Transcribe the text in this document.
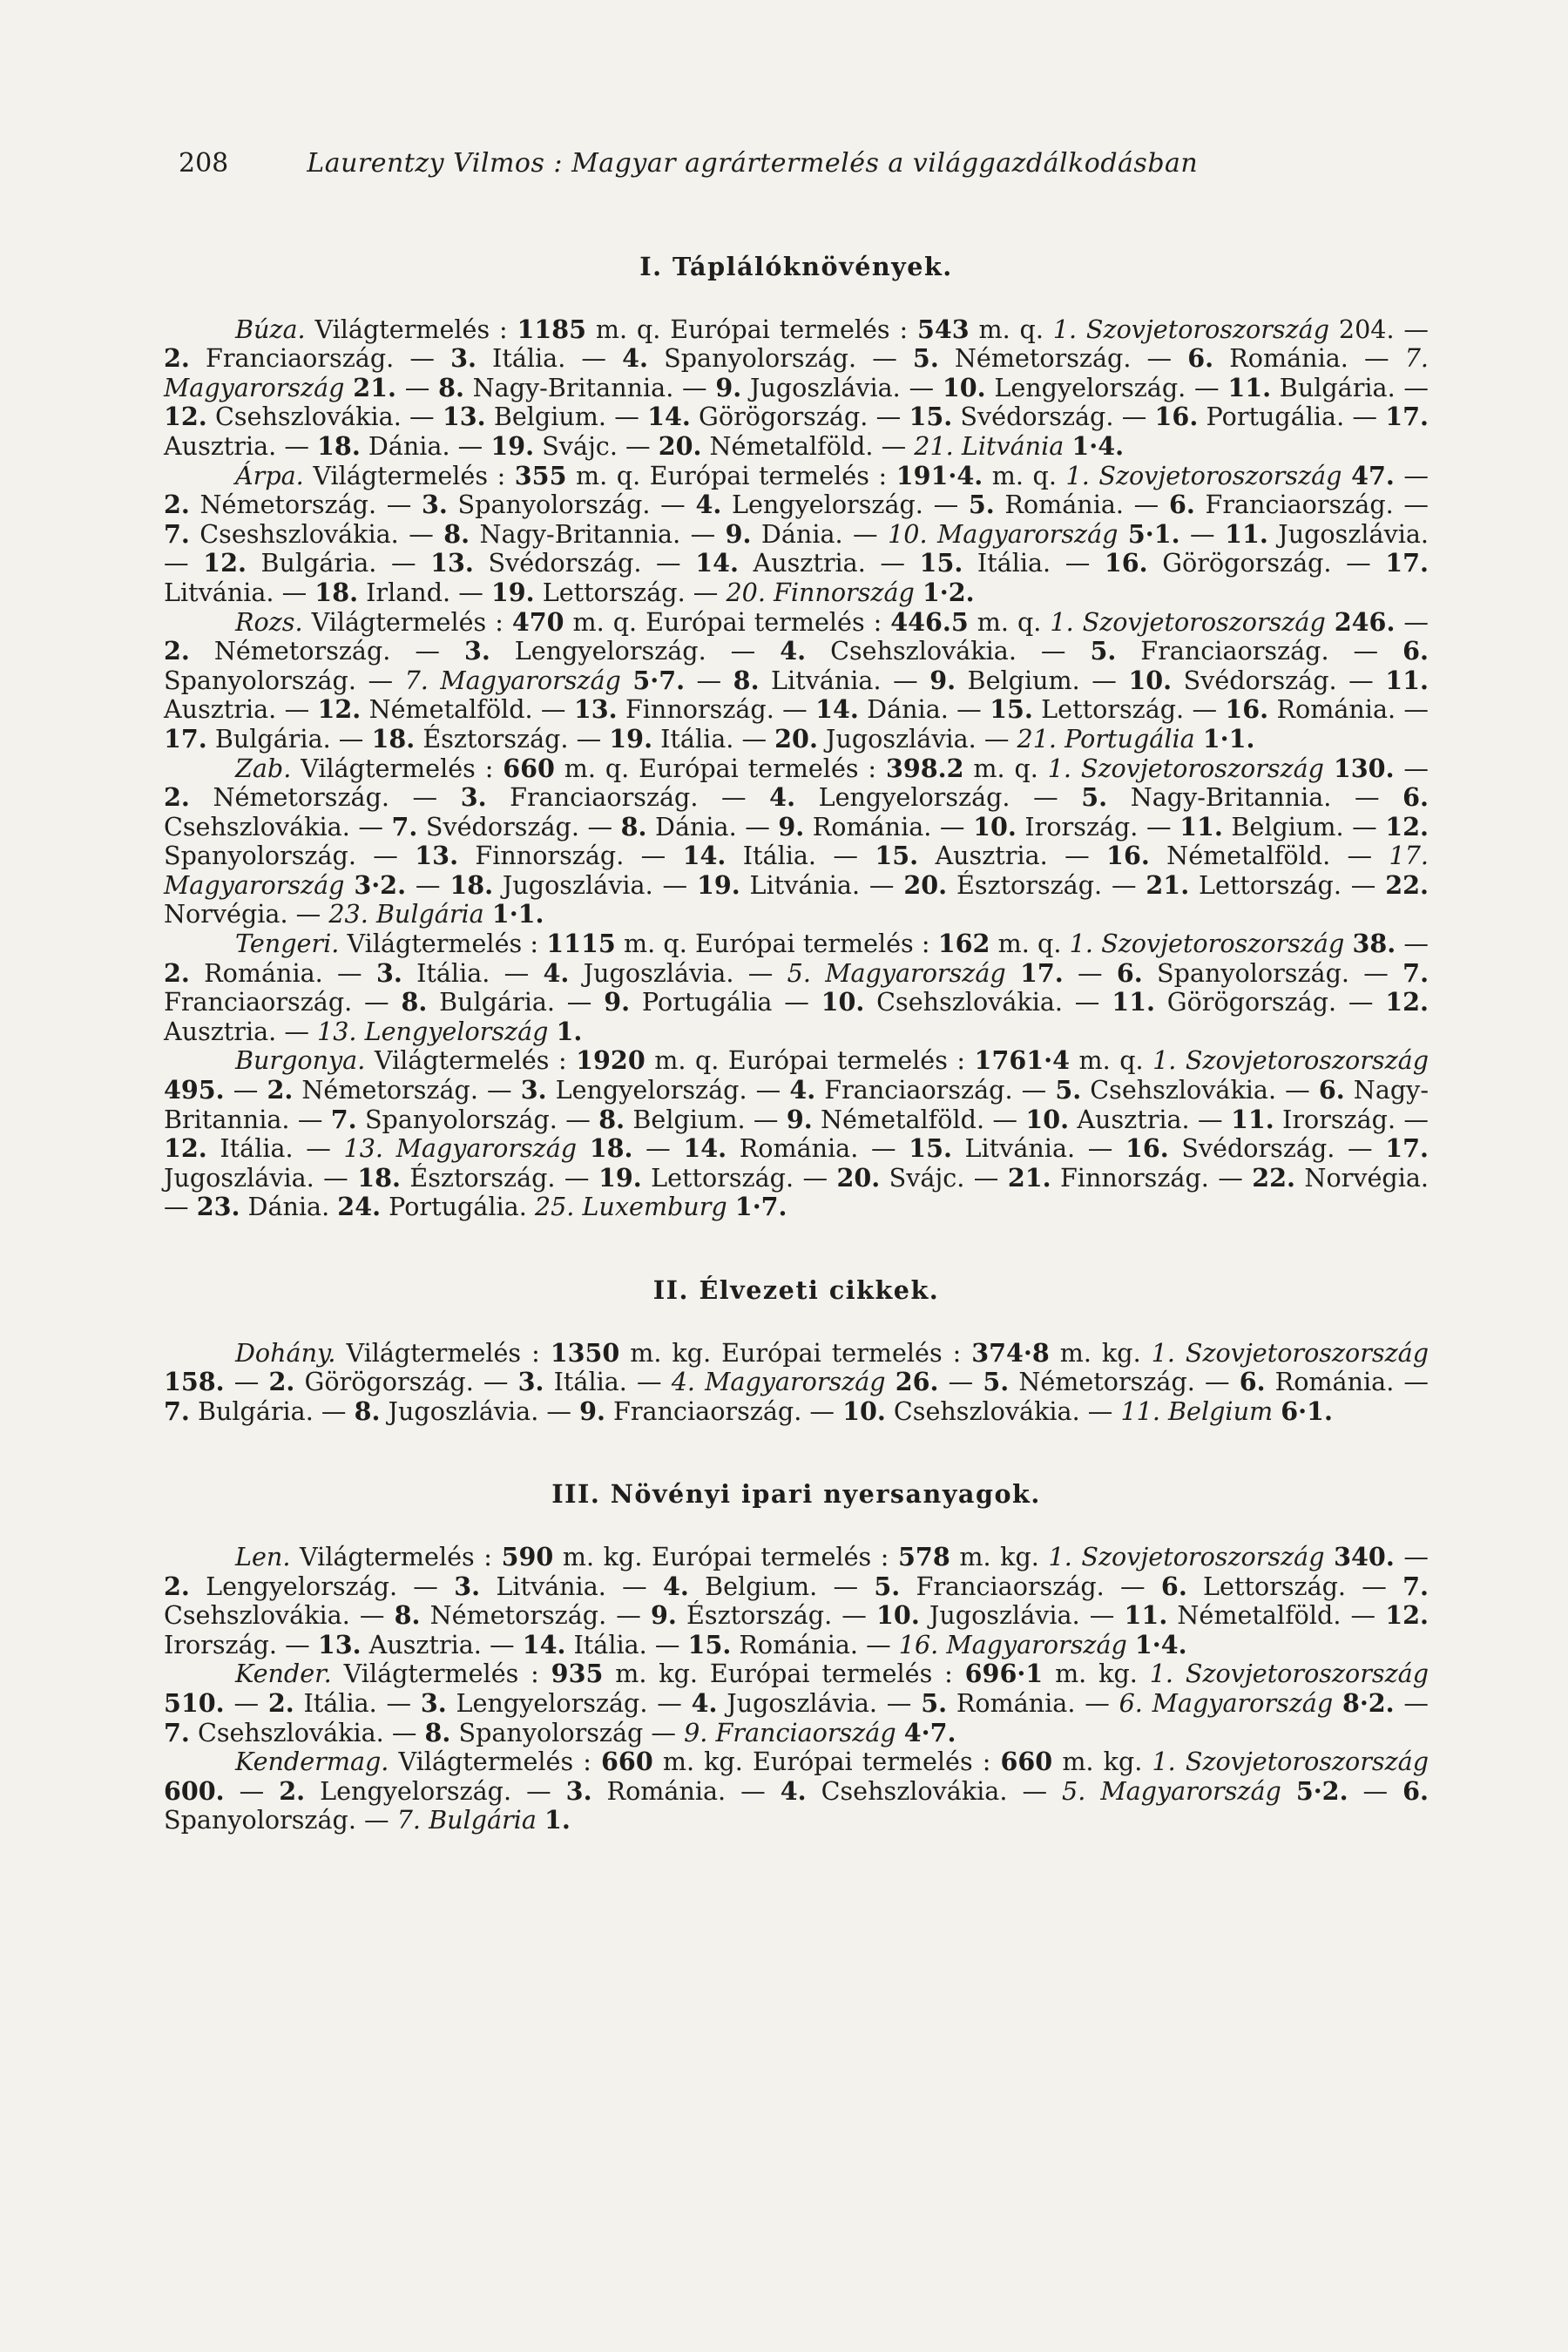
208	Laurentzy Vilmos : Magyar agrártermelés a világgazdálkodásban
I. Táplálóknövények.

Búza. Világtermelés : 1185 m. q. Európai termelés : 543 m. q. 1. Szovjetoroszország 204. — 2. Franciaország. — 3. Itália. — 4. Spanyolország. — 5. Németország. — 6. Románia. — 7. Magyarország 21. — 8. Nagy-Britannia. — 9. Jugoszlávia. — 10. Lengyelország. — 11. Bulgária. — 12. Csehszlovákia. — 13. Belgium. — 14. Görögország. — 15. Svédország. — 16. Portugália. — 17. Ausztria. — 18. Dánia. — 19. Svájc. — 20. Németalföld. — 21. Litvánia 1·4.

Árpa. Világtermelés : 355 m. q. Európai termelés : 191·4. m. q. 1. Szovjetoroszország 47. — 2. Németország. — 3. Spanyolország. — 4. Lengyelország. — 5. Románia. — 6. Franciaország. — 7. Cseshszlovákia. — 8. Nagy-Britannia. — 9. Dánia. — 10. Magyarország 5·1. — 11. Jugoszlávia. — 12. Bulgária. — 13. Svédország. — 14. Ausztria. — 15. Itália. — 16. Görögország. — 17. Litvánia. — 18. Irland. — 19. Lettország. — 20. Finnország 1·2.

Rozs. Világtermelés : 470 m. q. Európai termelés : 446.5 m. q. 1. Szovjetoroszország 246. — 2. Németország. — 3. Lengyelország. — 4. Csehszlovákia. — 5. Franciaország. — 6. Spanyolország. — 7. Magyarország 5·7. — 8. Litvánia. — 9. Belgium. — 10. Svédország. — 11. Ausztria. — 12. Németalföld. — 13. Finnország. — 14. Dánia. — 15. Lettország. — 16. Románia. — 17. Bulgária. — 18. Észtország. — 19. Itália. — 20. Jugoszlávia. — 21. Portugália 1·1.

Zab. Világtermelés : 660 m. q. Európai termelés : 398.2 m. q. 1. Szovjetoroszország 130. — 2. Németország. — 3. Franciaország. — 4. Lengyelország. — 5. Nagy-Britannia. — 6. Csehszlovákia. — 7. Svédország. — 8. Dánia. — 9. Románia. — 10. Irország. — 11. Belgium. — 12. Spanyolország. — 13. Finnország. — 14. Itália. — 15. Ausztria. — 16. Németalföld. — 17. Magyarország 3·2. — 18. Jugoszlávia. — 19. Litvánia. — 20. Észtország. — 21. Lettország. — 22. Norvégia. — 23. Bulgária 1·1.

Tengeri. Világtermelés : 1115 m. q. Európai termelés : 162 m. q. 1. Szovjetoroszország 38. — 2. Románia. — 3. Itália. — 4. Jugoszlávia. — 5. Magyarország 17. — 6. Spanyolország. — 7. Franciaország. — 8. Bulgária. — 9. Portugália — 10. Csehszlovákia. — 11. Görögország. — 12. Ausztria. — 13. Lengyelország 1.

Burgonya. Világtermelés : 1920 m. q. Európai termelés : 1761·4 m. q. 1. Szovjetoroszország 495. — 2. Németország. — 3. Lengyelország. — 4. Franciaország. — 5. Csehszlovákia. — 6. Nagy-Britannia. — 7. Spanyolország. — 8. Belgium. — 9. Németalföld. — 10. Ausztria. — 11. Irország. — 12. Itália. — 13. Magyarország 18. — 14. Románia. — 15. Litvánia. — 16. Svédország. — 17. Jugoszlávia. — 18. Észtország. — 19. Lettország. — 20. Svájc. — 21. Finnország. — 22. Norvégia. — 23. Dánia. 24. Portugália. 25. Luxemburg 1·7.

II. Élvezeti cikkek.

Dohány. Világtermelés : 1350 m. kg. Európai termelés : 374·8 m. kg. 1. Szovjetoroszország 158. — 2. Görögország. — 3. Itália. — 4. Magyarország 26. — 5. Németország. — 6. Románia. — 7. Bulgária. — 8. Jugoszlávia. — 9. Franciaország. — 10. Csehszlovákia. — 11. Belgium 6·1.

III. Növényi ipari nyersanyagok.

Len. Világtermelés : 590 m. kg. Európai termelés : 578 m. kg. 1. Szovjetoroszország 340. — 2. Lengyelország. — 3. Litvánia. — 4. Belgium. — 5. Franciaország. — 6. Lettország. — 7. Csehszlovákia. — 8. Németország. — 9. Észtország. — 10. Jugoszlávia. — 11. Németalföld. — 12. Irország. — 13. Ausztria. — 14. Itália. — 15. Románia. — 16. Magyarország 1·4.

Kender. Világtermelés : 935 m. kg. Európai termelés : 696·1 m. kg. 1. Szovjetoroszország 510. — 2. Itália. — 3. Lengyelország. — 4. Jugoszlávia. — 5. Románia. — 6. Magyarország 8·2. — 7. Csehszlovákia. — 8. Spanyolország — 9. Franciaország 4·7.

Kendermag. Világtermelés : 660 m. kg. Európai termelés : 660 m. kg. 1. Szovjetoroszország 600. — 2. Lengyelország. — 3. Románia. — 4. Csehszlovákia. — 5. Magyarország 5·2. — 6. Spanyolország. — 7. Bulgária 1.
